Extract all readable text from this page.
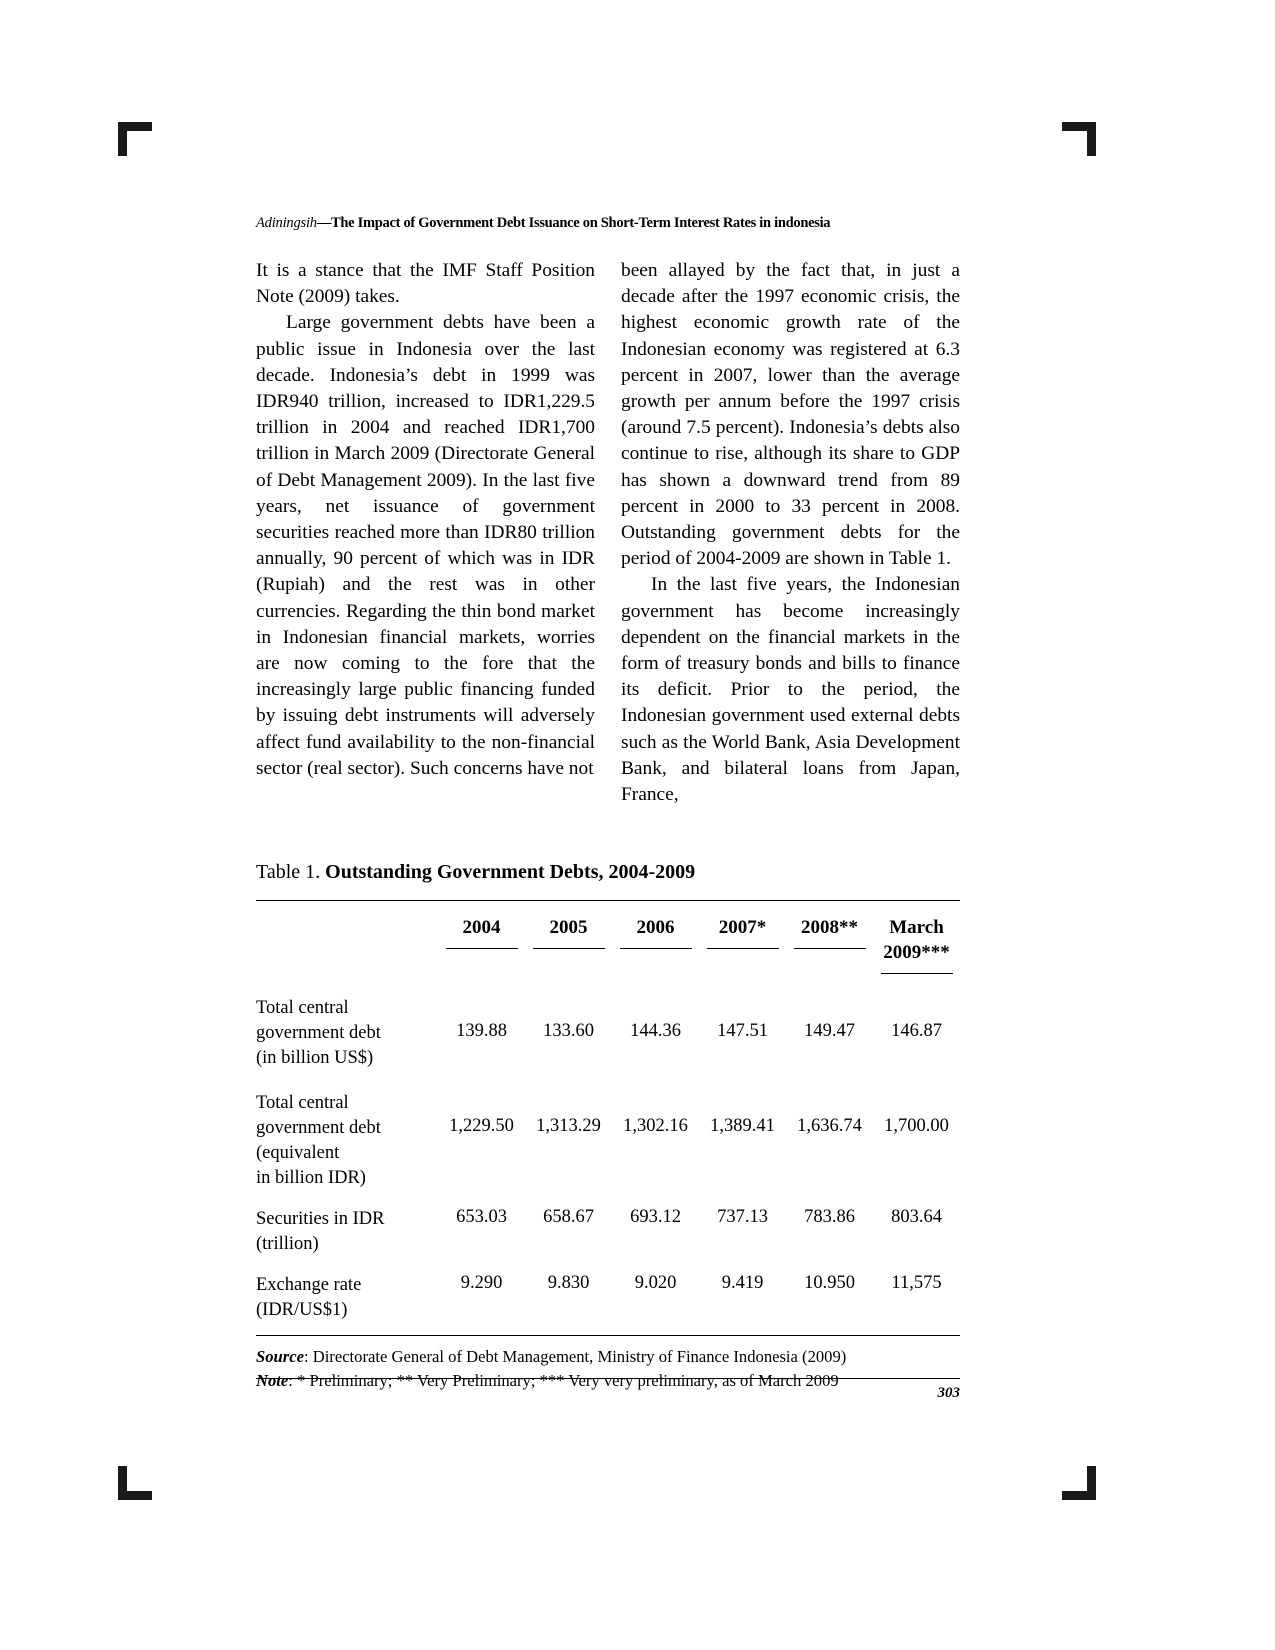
Adiningsih—The Impact of Government Debt Issuance on Short-Term Interest Rates in indonesia

It is a stance that the IMF Staff Position Note (2009) takes.

Large government debts have been a public issue in Indonesia over the last decade. Indonesia’s debt in 1999 was IDR940 trillion, increased to IDR1,229.5 trillion in 2004 and reached IDR1,700 trillion in March 2009 (Directorate General of Debt Management 2009). In the last five years, net issuance of government securities reached more than IDR80 trillion annually, 90 percent of which was in IDR (Rupiah) and the rest was in other currencies. Regarding the thin bond market in Indonesian financial markets, worries are now coming to the fore that the increasingly large public financing funded by issuing debt instruments will adversely affect fund availability to the non-financial sector (real sector). Such concerns have not

been allayed by the fact that, in just a decade after the 1997 economic crisis, the highest economic growth rate of the Indonesian economy was registered at 6.3 percent in 2007, lower than the average growth per annum before the 1997 crisis (around 7.5 percent). Indonesia’s debts also continue to rise, although its share to GDP has shown a downward trend from 89 percent in 2000 to 33 percent in 2008. Outstanding government debts for the period of 2004-2009 are shown in Table 1.

In the last five years, the Indonesian government has become increasingly dependent on the financial markets in the form of treasury bonds and bills to finance its deficit. Prior to the period, the Indonesian government used external debts such as the World Bank, Asia Development Bank, and bilateral loans from Japan, France,

Table 1. Outstanding Government Debts, 2004-2009
	2004	2005	2006	2007*	2008**	March
2009***

Total central
government debt
(in billion US$)	139.88	133.60	144.36	147.51	149.47	146.87

Total central
government debt
(equivalent
in billion IDR)	1,229.50	1,313.29	1,302.16	1,389.41	1,636.74	1,700.00

Securities in IDR
(trillion)	653.03	658.67	693.12	737.13	783.86	803.64

Exchange rate
(IDR/US$1)	9.290	9.830	9.020	9.419	10.950	11,575
Source: Directorate General of Debt Management, Ministry of Finance Indonesia (2009)
Note: * Preliminary; ** Very Preliminary; *** Very very preliminary, as of March 2009
303
